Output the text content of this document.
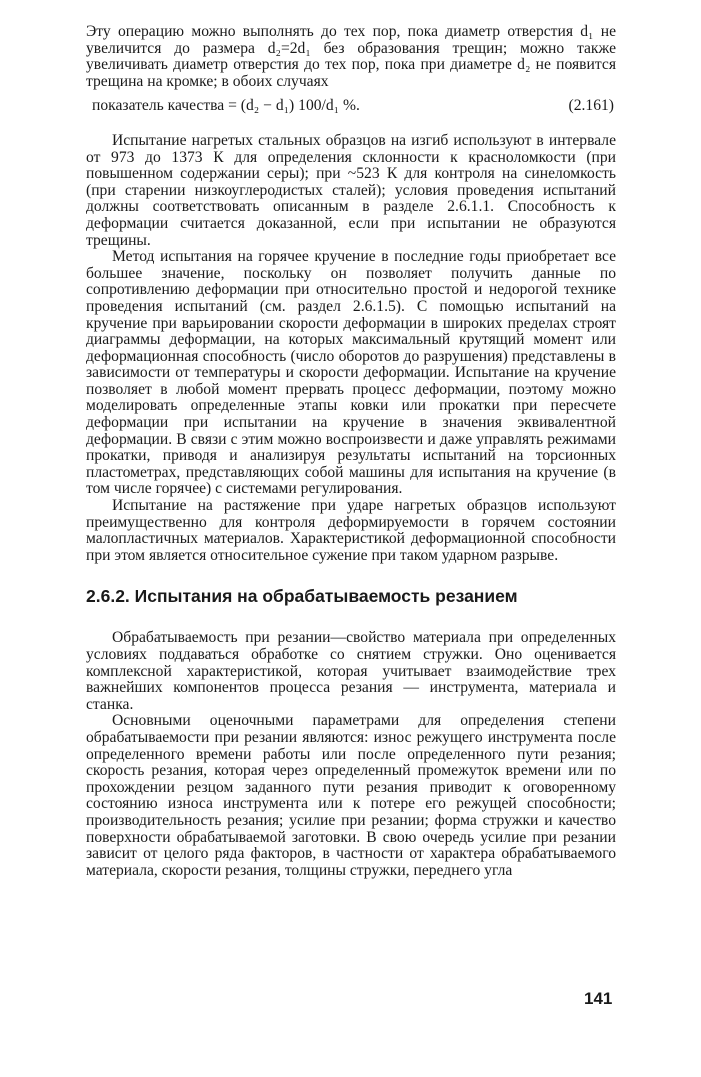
Эту операцию можно выполнять до тех пор, пока диаметр отверстия d₁ не увеличится до размера d₂=2d₁ без образования трещин; можно также увеличивать диаметр отверстия до тех пор, пока при диаметре d₂ не появится трещина на кромке; в обоих случаях

показатель качества = (d₂ − d₁) 100/d₁ %.	(2.161)

Испытание нагретых стальных образцов на изгиб используют в интервале от 973 до 1373 К для определения склонности к красноломкости (при повышенном содержании серы); при ~523 К для контроля на синеломкость (при старении низкоуглеродистых сталей); условия проведения испытаний должны соответствовать описанным в разделе 2.6.1.1. Способность к деформации считается доказанной, если при испытании не образуются трещины.

Метод испытания на горячее кручение в последние годы приобретает все большее значение, поскольку он позволяет получить данные по сопротивлению деформации при относительно простой и недорогой технике проведения испытаний (см. раздел 2.6.1.5). С помощью испытаний на кручение при варьировании скорости деформации в широких пределах строят диаграммы деформации, на которых максимальный крутящий момент или деформационная способность (число оборотов до разрушения) представлены в зависимости от температуры и скорости деформации. Испытание на кручение позволяет в любой момент прервать процесс деформации, поэтому можно моделировать определенные этапы ковки или прокатки при пересчете деформации при испытании на кручение в значения эквивалентной деформации. В связи с этим можно воспроизвести и даже управлять режимами прокатки, приводя и анализируя результаты испытаний на торсионных пластометрах, представляющих собой машины для испытания на кручение (в том числе горячее) с системами регулирования.

Испытание на растяжение при ударе нагретых образцов используют преимущественно для контроля деформируемости в горячем состоянии малопластичных материалов. Характеристикой деформационной способности при этом является относительное сужение при таком ударном разрыве.

2.6.2. Испытания на обрабатываемость резанием

Обрабатываемость при резании—свойство материала при определенных условиях поддаваться обработке со снятием стружки. Оно оценивается комплексной характеристикой, которая учитывает взаимодействие трех важнейших компонентов процесса резания — инструмента, материала и станка.

Основными оценочными параметрами для определения степени обрабатываемости при резании являются: износ режущего инструмента после определенного времени работы или после определенного пути резания; скорость резания, которая через определенный промежуток времени или по прохождении резцом заданного пути резания приводит к оговоренному состоянию износа инструмента или к потере его режущей способности; производительность резания; усилие при резании; форма стружки и качество поверхности обрабатываемой заготовки. В свою очередь усилие при резании зависит от целого ряда факторов, в частности от характера обрабатываемого материала, скорости резания, толщины стружки, переднего угла

141
